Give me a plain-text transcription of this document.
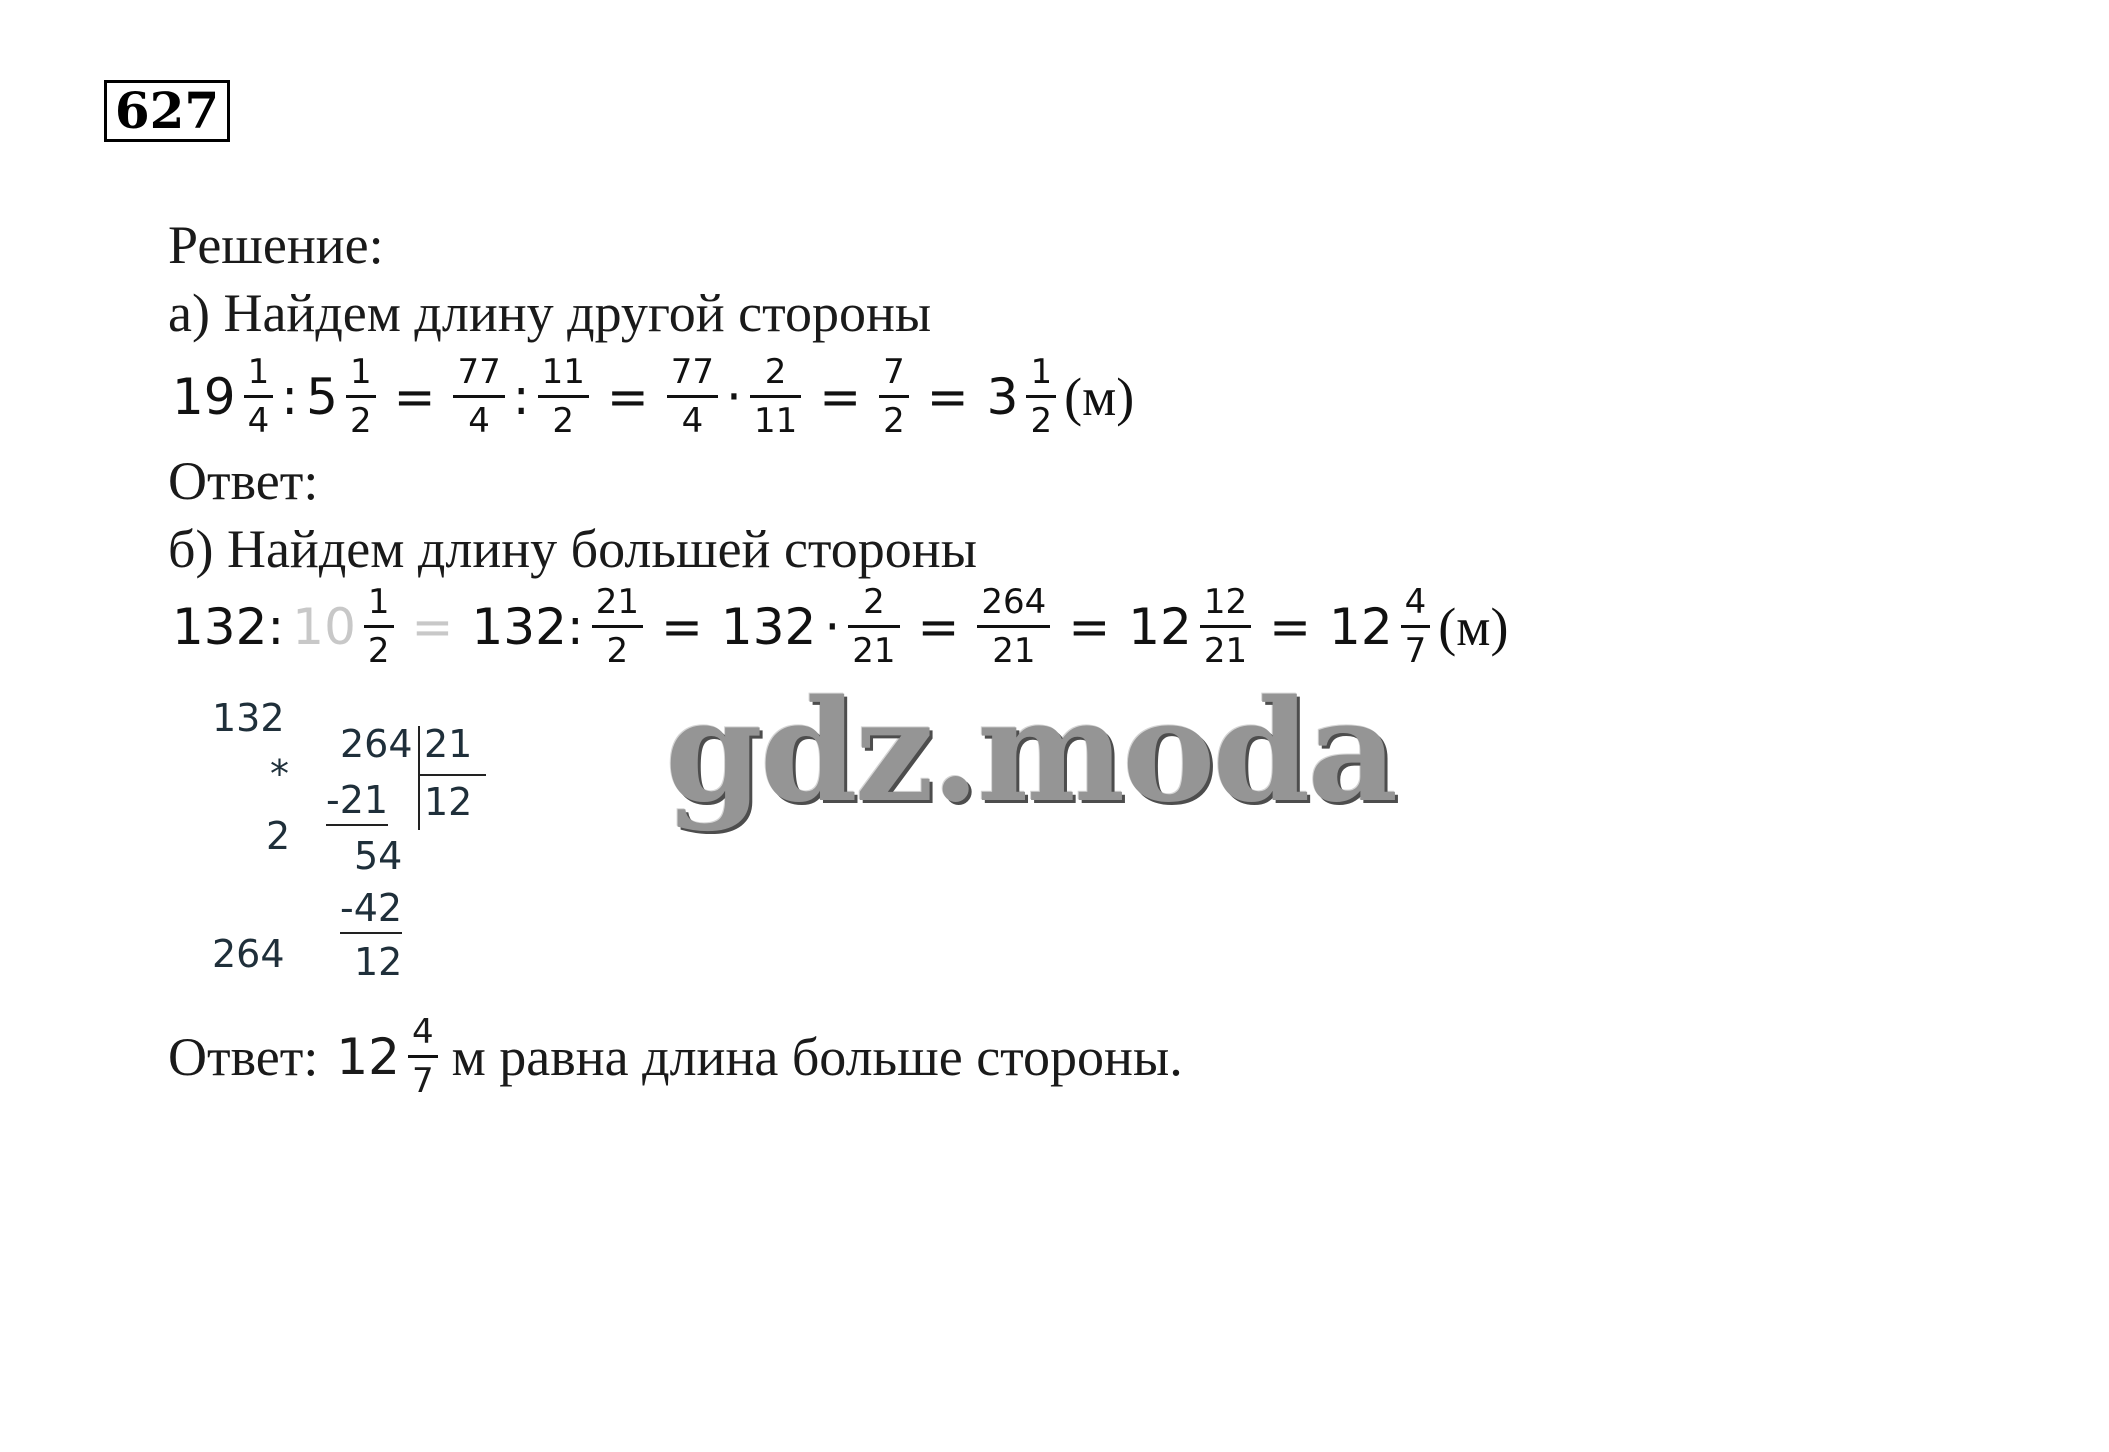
627
Решение:
а) Найдем длину другой стороны
$19 \frac{1}{4}$ : $5 \frac{1}{2} = \frac{77}{4}$ : $\frac{11}{2} = \frac{77}{4} \cdot \frac{2}{11} = \frac{7}{2} = 3 \frac{1}{2} (м)$
Ответ:
б) Найдем длину большей стороны
132: $10 \frac{1}{2} = 132$: $\frac{21}{2} = 132 \cdot \frac{2}{21} = \frac{264}{21} = 12 \frac{12}{21} = 12 \frac{4}{7} (м)$
132
*
2
264
264 21
12
-21
54
-42
12
gdz.moda
Ответ: $12 \frac{4}{7}$ м равна длина больше стороны.
